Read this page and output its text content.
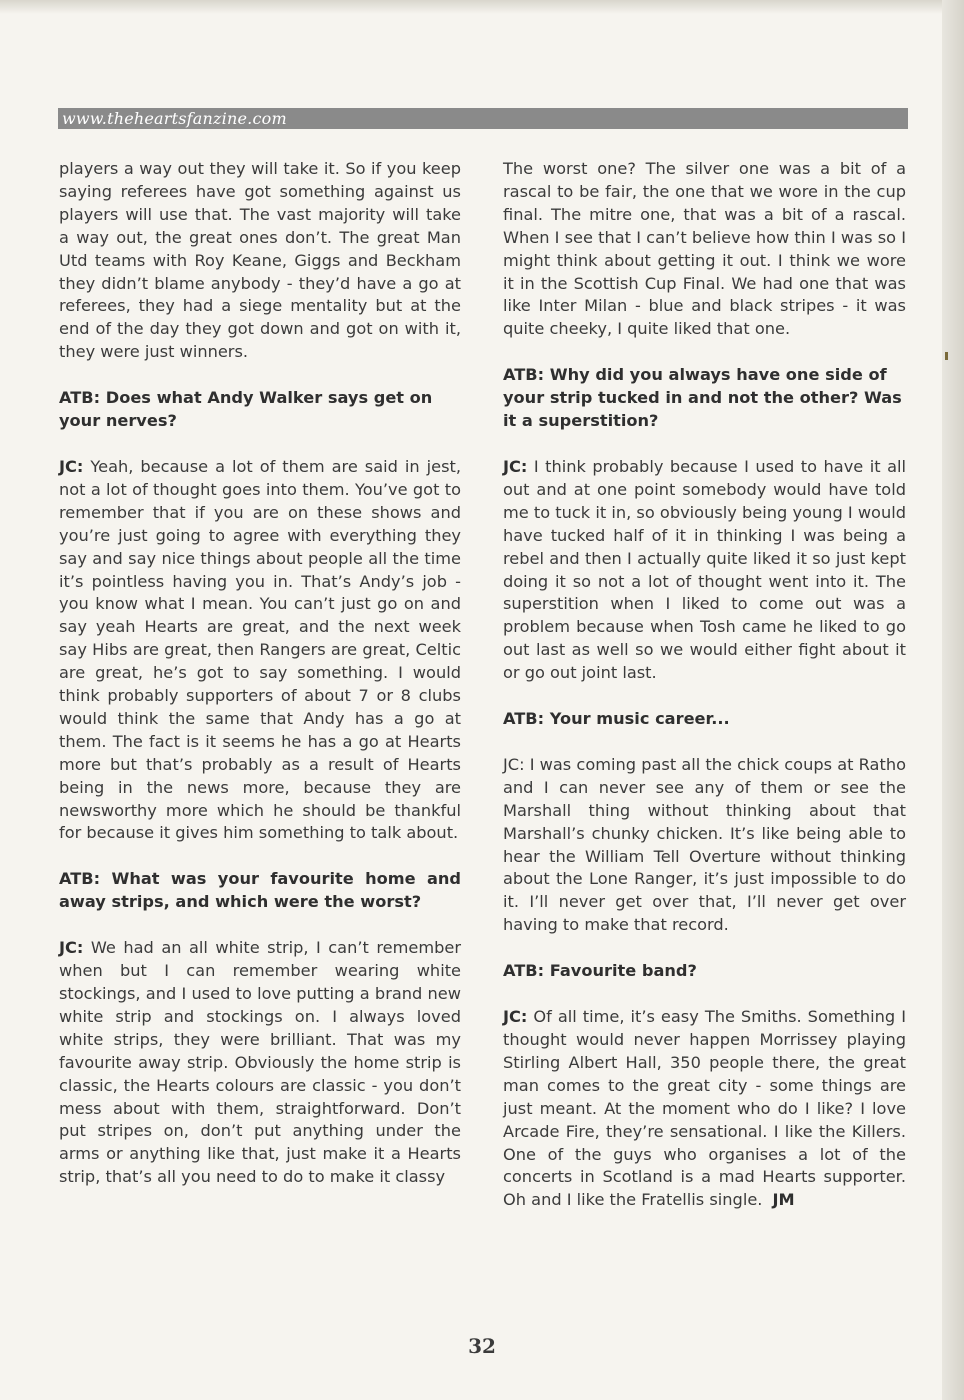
www.theheartsfanzine.com

players a way out they will take it. So if you keep saying referees have got something against us players will use that. The vast majority will take a way out, the great ones don’t. The great Man Utd teams with Roy Keane, Giggs and Beckham they didn’t blame anybody - they’d have a go at referees, they had a siege mentality but at the end of the day they got down and got on with it, they were just winners.

ATB: Does what Andy Walker says get on your nerves?

JC: Yeah, because a lot of them are said in jest, not a lot of thought goes into them. You’ve got to remember that if you are on these shows and you’re just going to agree with everything they say and say nice things about people all the time it’s pointless having you in. That’s Andy’s job - you know what I mean. You can’t just go on and say yeah Hearts are great, and the next week say Hibs are great, then Rangers are great, Celtic are great, he’s got to say something. I would think probably supporters of about 7 or 8 clubs would think the same that Andy has a go at them. The fact is it seems he has a go at Hearts more but that’s probably as a result of Hearts being in the news more, because they are newsworthy more which he should be thankful for because it gives him something to talk about.

ATB: What was your favourite home and away strips, and which were the worst?

JC: We had an all white strip, I can’t remember when but I can remember wearing white stockings, and I used to love putting a brand new white strip and stockings on. I always loved white strips, they were brilliant. That was my favourite away strip. Obviously the home strip is classic, the Hearts colours are classic - you don’t mess about with them, straightforward. Don’t put stripes on, don’t put anything under the arms or anything like that, just make it a Hearts strip, that’s all you need to do to make it classy

The worst one? The silver one was a bit of a rascal to be fair, the one that we wore in the cup final. The mitre one, that was a bit of a rascal. When I see that I can’t believe how thin I was so I might think about getting it out. I think we wore it in the Scottish Cup Final. We had one that was like Inter Milan - blue and black stripes - it was quite cheeky, I quite liked that one.

ATB: Why did you always have one side of your strip tucked in and not the other? Was it a superstition?

JC: I think probably because I used to have it all out and at one point somebody would have told me to tuck it in, so obviously being young I would have tucked half of it in thinking I was being a rebel and then I actually quite liked it so just kept doing it so not a lot of thought went into it. The superstition when I liked to come out was a problem because when Tosh came he liked to go out last as well so we would either fight about it or go out joint last.

ATB: Your music career...

JC: I was coming past all the chick coups at Ratho and I can never see any of them or see the Marshall thing without thinking about that Marshall’s chunky chicken. It’s like being able to hear the William Tell Overture without thinking about the Lone Ranger, it’s just impossible to do it. I’ll never get over that, I’ll never get over having to make that record.

ATB: Favourite band?

JC: Of all time, it’s easy The Smiths. Something I thought would never happen Morrissey playing Stirling Albert Hall, 350 people there, the great man comes to the great city - some things are just meant. At the moment who do I like? I love Arcade Fire, they’re sensational. I like the Killers. One of the guys who organises a lot of the concerts in Scotland is a mad Hearts supporter. Oh and I like the Fratellis single. JM

32
